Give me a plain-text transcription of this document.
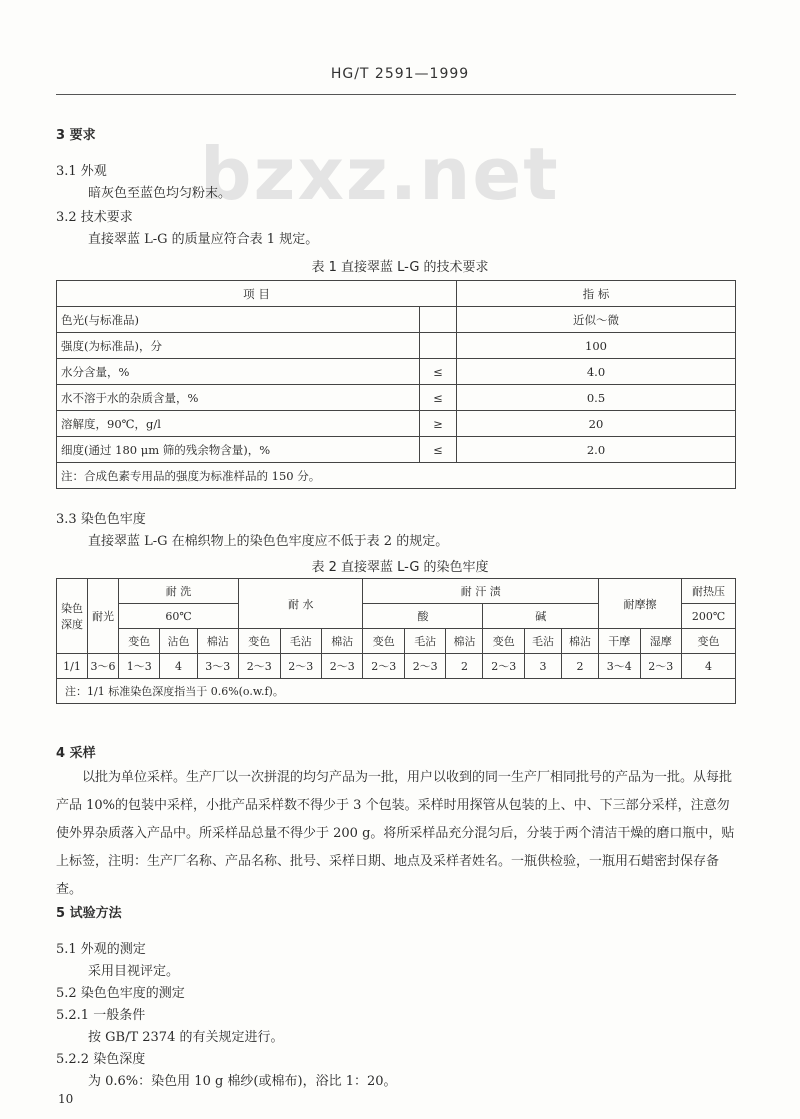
HG/T 2591—1999
bzxz.net
3 要求
3.1 外观
暗灰色至蓝色均匀粉末。
3.2 技术要求
直接翠蓝 L-G 的质量应符合表 1 规定。
表 1 直接翠蓝 L-G 的技术要求
项 目		指 标
色光(与标准品)		近似～微
强度(为标准品)，分		100
水分含量，%	≤	4.0
水不溶于水的杂质含量，%	≤	0.5
溶解度，90℃，g/l	≥	20
细度(通过 180 μm 筛的残余物含量)，%	≤	2.0
注：合成色素专用品的强度为标准样品的 150 分。		
3.3 染色色牢度
直接翠蓝 L-G 在棉织物上的染色色牢度应不低于表 2 的规定。
表 2 直接翠蓝 L-G 的染色牢度
染色深度	耐光	耐 洗			耐 水			耐 汗 渍						耐摩擦		耐热压
		60℃						酸			碱					200℃
		变色	沾色	棉沾	变色	毛沾	棉沾	变色	毛沾	棉沾	变色	毛沾	棉沾	干摩	湿摩	变色
1/1	3～6	1～3	4	3～3	2～3	2～3	2～3	2～3	2～3	2	2～3	3	2	3～4	2～3	4
注：1/1 标准染色深度指当于 0.6%(o.w.f)。																
4 采样

以批为单位采样。生产厂以一次拼混的均匀产品为一批，用户以收到的同一生产厂相同批号的产品为一批。从每批产品 10%的包装中采样，小批产品采样数不得少于 3 个包装。采样时用探管从包装的上、中、下三部分采样，注意勿使外界杂质落入产品中。所采样品总量不得少于 200 g。将所采样品充分混匀后，分装于两个清洁干燥的磨口瓶中，贴上标签，注明：生产厂名称、产品名称、批号、采样日期、地点及采样者姓名。一瓶供检验，一瓶用石蜡密封保存备查。

5 试验方法
5.1 外观的测定
采用目视评定。
5.2 染色色牢度的测定
5.2.1 一般条件
按 GB/T 2374 的有关规定进行。
5.2.2 染色深度
为 0.6%：染色用 10 g 棉纱(或棉布)，浴比 1：20。
10
